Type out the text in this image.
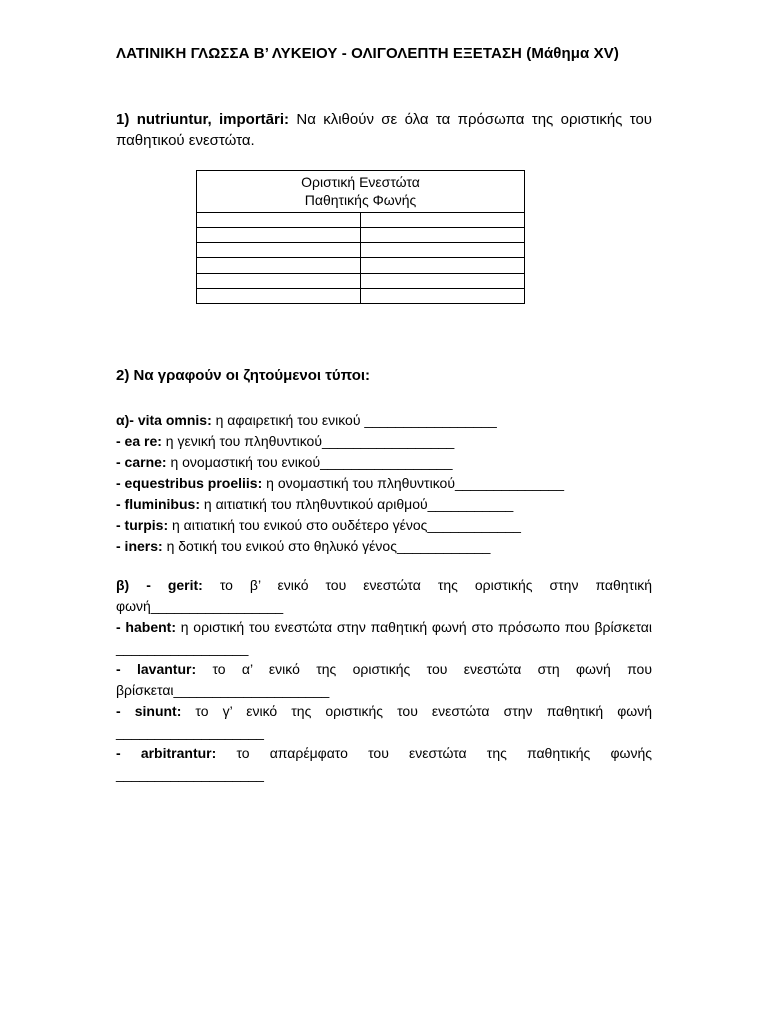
ΛΑΤΙΝΙΚΗ ΓΛΩΣΣΑ Β’ ΛΥΚΕΙΟΥ - ΟΛΙΓΟΛΕΠΤΗ ΕΞΕΤΑΣΗ (Μάθημα XV)
1) nutriuntur, importāri: Να κλιθούν σε όλα τα πρόσωπα της οριστικής του παθητικού ενεστώτα.
Οριστική Ενεστώτα
Παθητικής Φωνής	

2) Να γραφούν οι ζητούμενοι τύποι:
α)- vita omnis: η αφαιρετική του ενικού _________________
- ea re: η γενική του πληθυντικού_________________
- carne: η ονομαστική του ενικού_________________
- equestribus proeliis: η ονομαστική του πληθυντικού______________
- fluminibus: η αιτιατική του πληθυντικού αριθμού___________
- turpis: η αιτιατική του ενικού στο ουδέτερο γένος____________
- iners: η δοτική του ενικού στο θηλυκό γένος____________
β) - gerit: το β’ ενικό του ενεστώτα της οριστικής στην παθητική φωνή_________________
- habent: η οριστική του ενεστώτα στην παθητική φωνή στο πρόσωπο που βρίσκεται _________________
- lavantur: το α’ ενικό της οριστικής του ενεστώτα στη φωνή που βρίσκεται____________________
- sinunt: το γ’ ενικό της οριστικής του ενεστώτα στην παθητική φωνή ___________________
- arbitrantur: το απαρέμφατο του ενεστώτα της παθητικής φωνής ___________________
